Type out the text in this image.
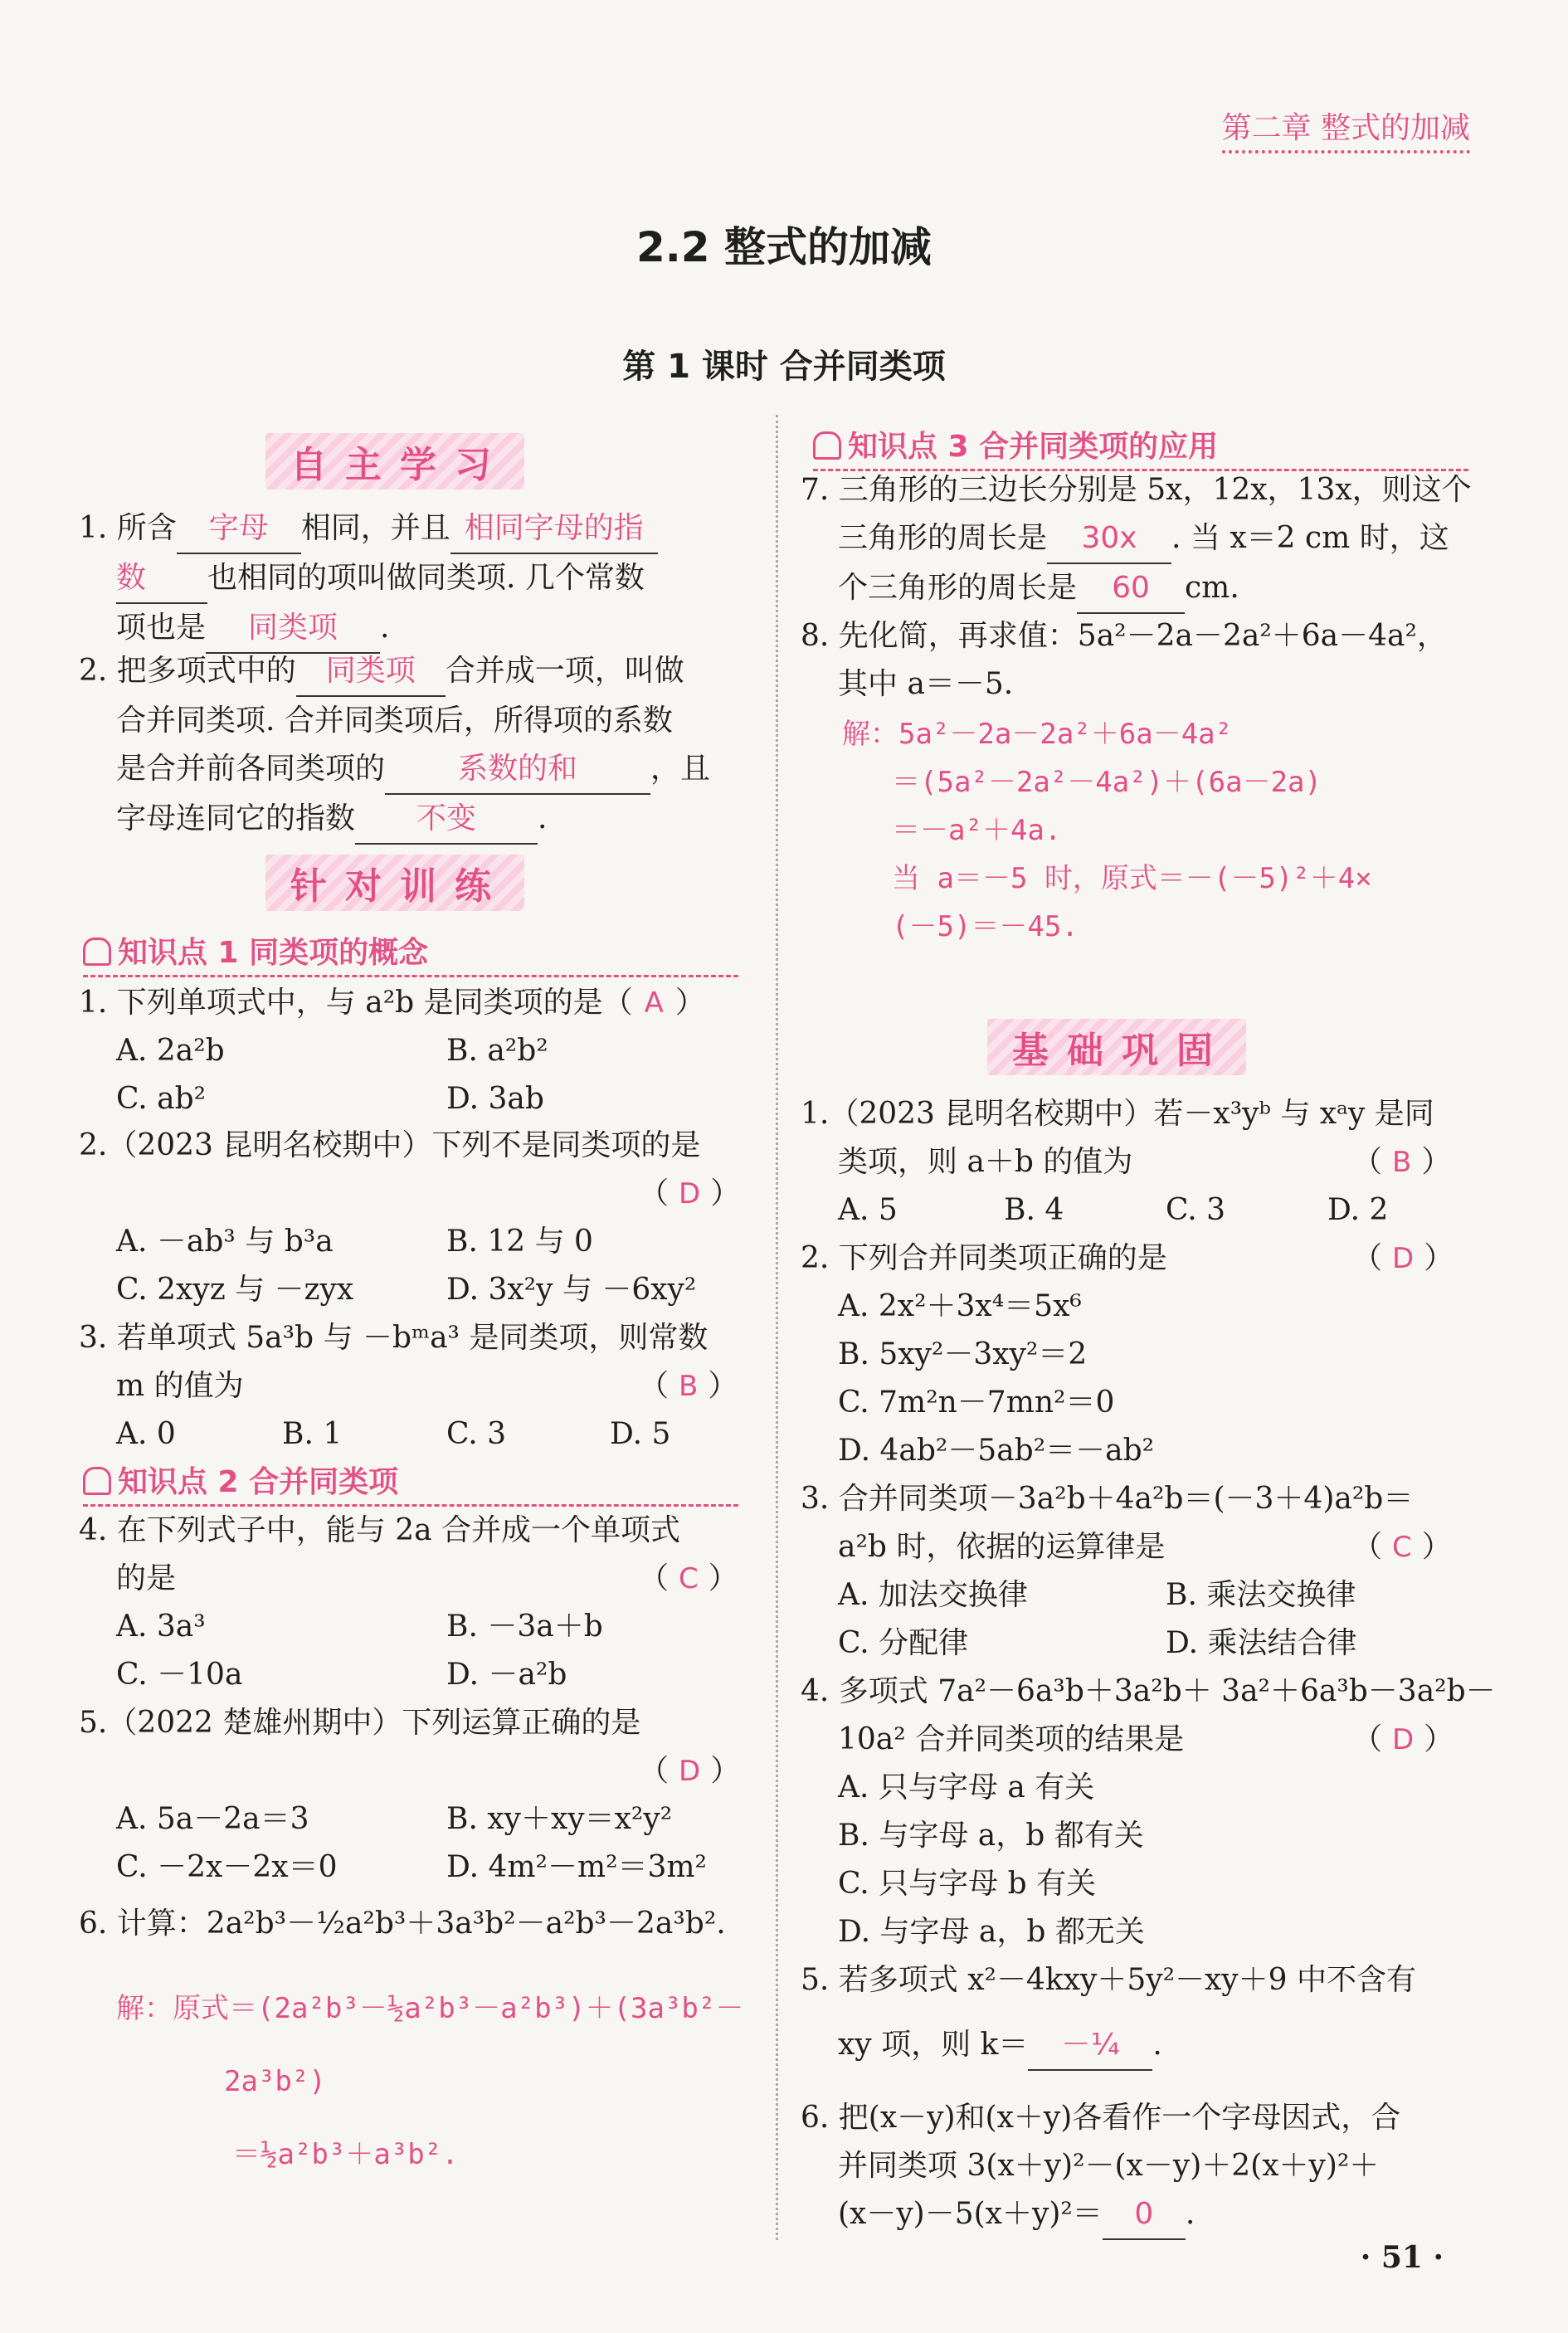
第二章 整式的加减
2.2 整式的加减
第 1 课时 合并同类项
自主学习
1. 所含 字母 相同，并且 相同字母的指
数 也相同的项叫做同类项. 几个常数
项也是 同类项 .
2. 把多项式中的 同类项 合并成一项，叫做
合并同类项. 合并同类项后，所得项的系数
是合并前各同类项的 系数的和 ，且
字母连同它的指数 不变 .
针对训练
知识点 1 同类项的概念
1. 下列单项式中，与 a²b 是同类项的是（ A ）
A. 2a²b	B. a²b²
C. ab²	D. 3ab
2.（2023 昆明名校期中）下列不是同类项的是
（ D ）
A. －ab³ 与 b³a	B. 12 与 0
C. 2xyz 与 －zyx	D. 3x²y 与 －6xy²
3. 若单项式 5a³b 与 －bᵐa³ 是同类项，则常数
m 的值为	（ B ）
A. 0	B. 1	C. 3	D. 5
知识点 2 合并同类项
4. 在下列式子中，能与 2a 合并成一个单项式
的是	（ C ）
A. 3a³	B. －3a＋b
C. －10a	D. －a²b
5.（2022 楚雄州期中）下列运算正确的是
（ D ）
A. 5a－2a＝3	B. xy＋xy＝x²y²
C. －2x－2x＝0	D. 4m²－m²＝3m²
6. 计算：2a²b³－½a²b³＋3a³b²－a²b³－2a³b².
解：原式＝(2a²b³－½a²b³－a²b³)＋(3a³b²－
2a³b²)
＝½a²b³＋a³b².
知识点 3 合并同类项的应用
7. 三角形的三边长分别是 5x，12x，13x，则这个
三角形的周长是 30x . 当 x＝2 cm 时，这
个三角形的周长是 60 cm.
8. 先化简，再求值：5a²－2a－2a²＋6a－4a²，
其中 a＝－5.
解：5a²－2a－2a²＋6a－4a²
＝(5a²－2a²－4a²)＋(6a－2a)
＝－a²＋4a.
当 a＝－5 时，原式＝－(－5)²＋4×
(－5)＝－45.
基础巩固
1.（2023 昆明名校期中）若－x³yᵇ 与 xᵃy 是同
类项，则 a＋b 的值为	（ B ）
A. 5	B. 4	C. 3	D. 2
2. 下列合并同类项正确的是	（ D ）
A. 2x²＋3x⁴＝5x⁶
B. 5xy²－3xy²＝2
C. 7m²n－7mn²＝0
D. 4ab²－5ab²＝－ab²
3. 合并同类项－3a²b＋4a²b＝(－3＋4)a²b＝
a²b 时，依据的运算律是	（ C ）
A. 加法交换律	B. 乘法交换律
C. 分配律	D. 乘法结合律
4. 多项式 7a²－6a³b＋3a²b＋ 3a²＋6a³b－3a²b－
10a² 合并同类项的结果是	（ D ）
A. 只与字母 a 有关
B. 与字母 a，b 都有关
C. 只与字母 b 有关
D. 与字母 a，b 都无关
5. 若多项式 x²－4kxy＋5y²－xy＋9 中不含有
xy 项，则 k＝ －¼ .
6. 把(x－y)和(x＋y)各看作一个字母因式，合
并同类项 3(x＋y)²－(x－y)＋2(x＋y)²＋
(x－y)－5(x＋y)²＝ 0 .
· 51 ·
